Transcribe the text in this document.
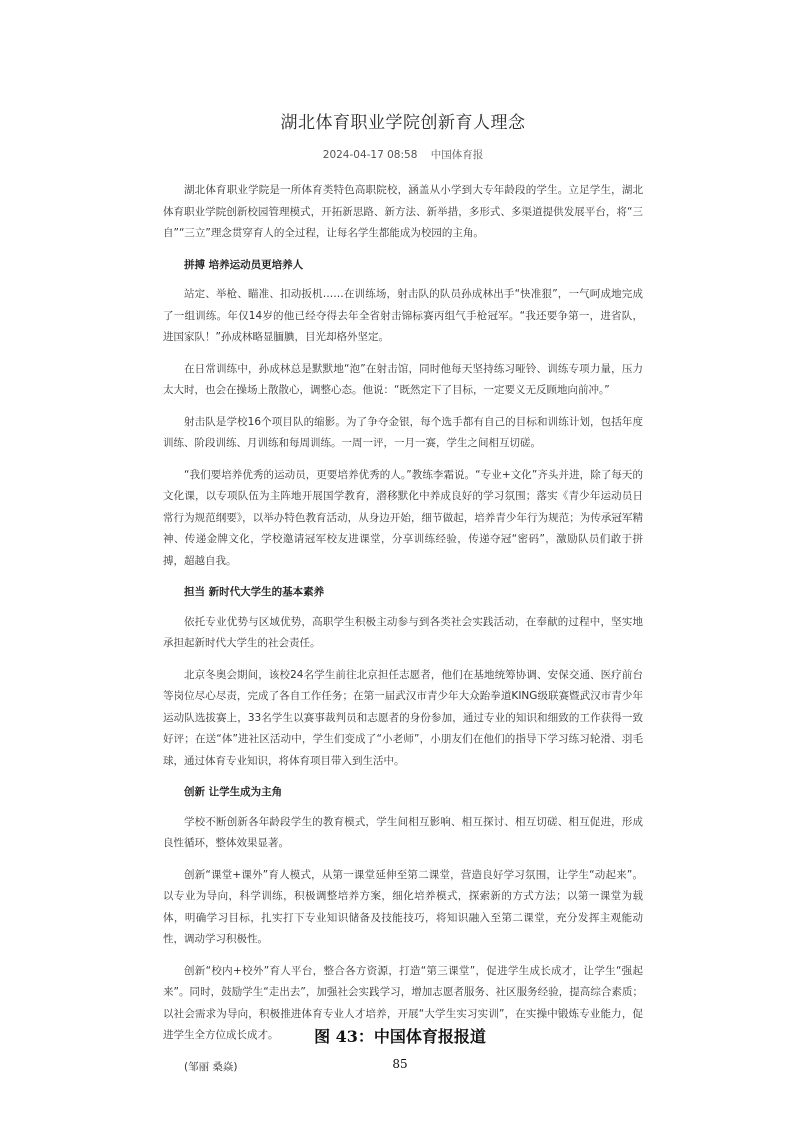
湖北体育职业学院创新育人理念
2024-04-17 08:58 中国体育报

湖北体育职业学院是一所体育类特色高职院校，涵盖从小学到大专年龄段的学生。立足学生，湖北体育职业学院创新校园管理模式，开拓新思路、新方法、新举措，多形式、多渠道提供发展平台，将“三自”“三立”理念贯穿育人的全过程，让每名学生都能成为校园的主角。

拼搏 培养运动员更培养人

站定、举枪、瞄准、扣动扳机……在训练场，射击队的队员孙成林出手“快准狠”，一气呵成地完成了一组训练。年仅14岁的他已经夺得去年全省射击锦标赛丙组气手枪冠军。“我还要争第一，进省队，进国家队！”孙成林略显腼腆，目光却格外坚定。

在日常训练中，孙成林总是默默地“泡”在射击馆，同时他每天坚持练习哑铃、训练专项力量，压力太大时，也会在操场上散散心，调整心态。他说：“既然定下了目标，一定要义无反顾地向前冲。”

射击队是学校16个项目队的缩影。为了争夺金银，每个选手都有自己的目标和训练计划，包括年度训练、阶段训练、月训练和每周训练。一周一评，一月一赛，学生之间相互切磋。

“我们要培养优秀的运动员，更要培养优秀的人。”教练李霜说。“专业+文化”齐头并进，除了每天的文化课，以专项队伍为主阵地开展国学教育，潜移默化中养成良好的学习氛围；落实《青少年运动员日常行为规范纲要》，以举办特色教育活动，从身边开始，细节做起，培养青少年行为规范；为传承冠军精神、传递金牌文化，学校邀请冠军校友进课堂，分享训练经验，传递夺冠“密码”，激励队员们敢于拼搏，超越自我。

担当 新时代大学生的基本素养

依托专业优势与区域优势，高职学生积极主动参与到各类社会实践活动，在奉献的过程中，坚实地承担起新时代大学生的社会责任。

北京冬奥会期间，该校24名学生前往北京担任志愿者，他们在基地统筹协调、安保交通、医疗前台等岗位尽心尽责，完成了各自工作任务；在第一届武汉市青少年大众跆拳道KING级联赛暨武汉市青少年运动队选拔赛上，33名学生以赛事裁判员和志愿者的身份参加，通过专业的知识和细致的工作获得一致好评；在送“体”进社区活动中，学生们变成了“小老师”，小朋友们在他们的指导下学习练习轮滑、羽毛球，通过体育专业知识，将体育项目带入到生活中。

创新 让学生成为主角

学校不断创新各年龄段学生的教育模式，学生间相互影响、相互探讨、相互切磋、相互促进，形成良性循环，整体效果显著。

创新“课堂+课外”育人模式，从第一课堂延伸至第二课堂，营造良好学习氛围，让学生“动起来”。以专业为导向，科学训练，积极调整培养方案，细化培养模式，探索新的方式方法；以第一课堂为载体，明确学习目标，扎实打下专业知识储备及技能技巧，将知识融入至第二课堂，充分发挥主观能动性，调动学习积极性。

创新“校内+校外”育人平台，整合各方资源，打造“第三课堂”，促进学生成长成才，让学生“强起来”。同时，鼓励学生“走出去”，加强社会实践学习，增加志愿者服务、社区服务经验，提高综合素质；以社会需求为导向，积极推进体育专业人才培养，开展“大学生实习实训”，在实操中锻炼专业能力，促进学生全方位成长成才。

(邹丽 桑焱)

图 43：中国体育报报道
85
